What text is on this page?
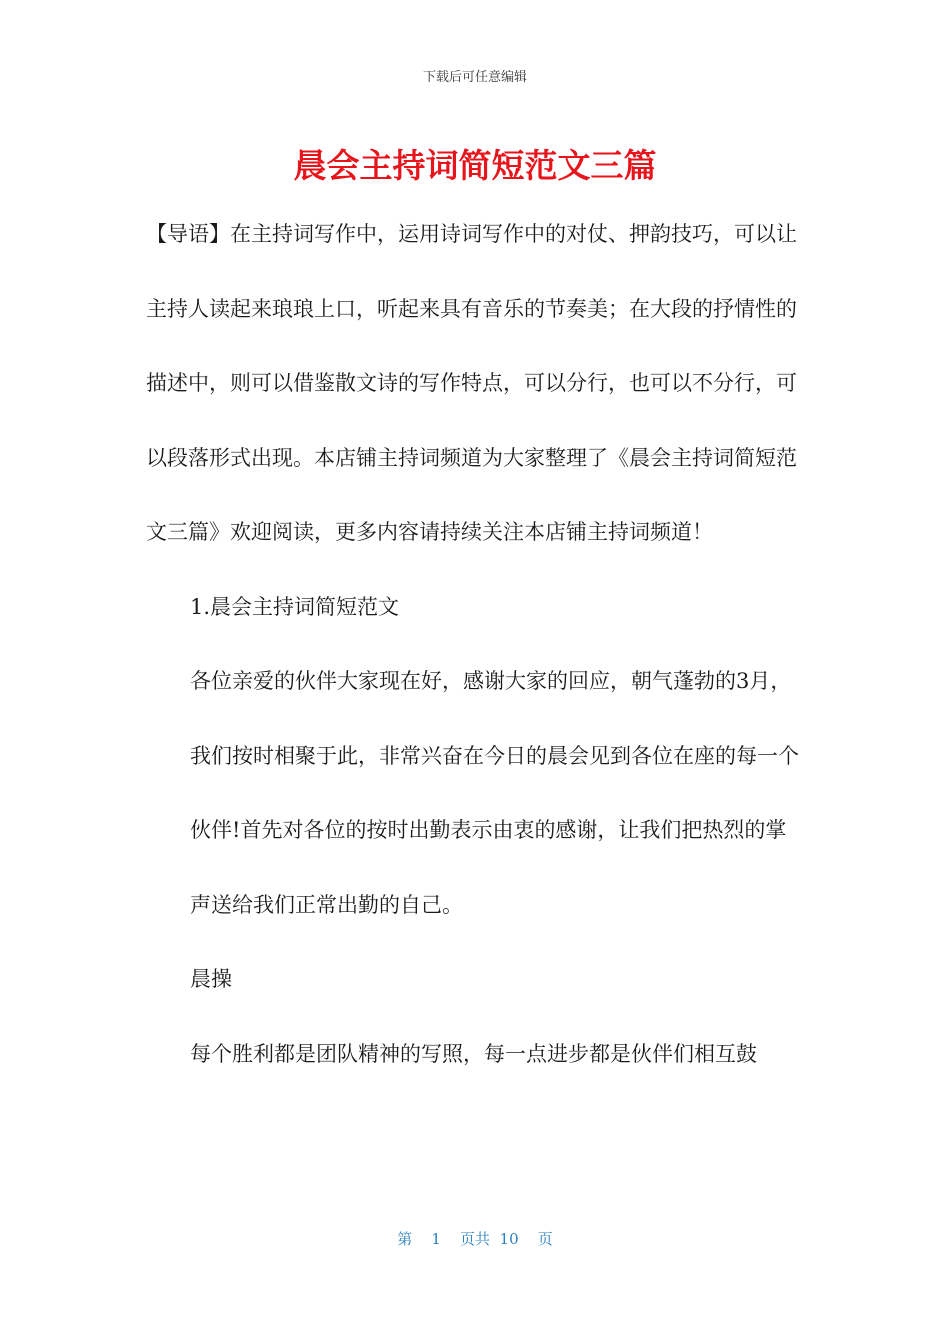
下载后可任意编辑
晨会主持词简短范文三篇

【导语】在主持词写作中，运用诗词写作中的对仗、押韵技巧，可以让主持人读起来琅琅上口，听起来具有音乐的节奏美；在大段的抒情性的描述中，则可以借鉴散文诗的写作特点，可以分行，也可以不分行，可以段落形式出现。本店铺主持词频道为大家整理了《晨会主持词简短范文三篇》欢迎阅读，更多内容请持续关注本店铺主持词频道！

1.晨会主持词简短范文

各位亲爱的伙伴大家现在好，感谢大家的回应，朝气蓬勃的3月，我们按时相聚于此，非常兴奋在今日的晨会见到各位在座的每一个伙伴!首先对各位的按时出勤表示由衷的感谢，让我们把热烈的掌声送给我们正常出勤的自己。

晨操

每个胜利都是团队精神的写照，每一点进步都是伙伴们相互鼓

第 1 页共 10 页
